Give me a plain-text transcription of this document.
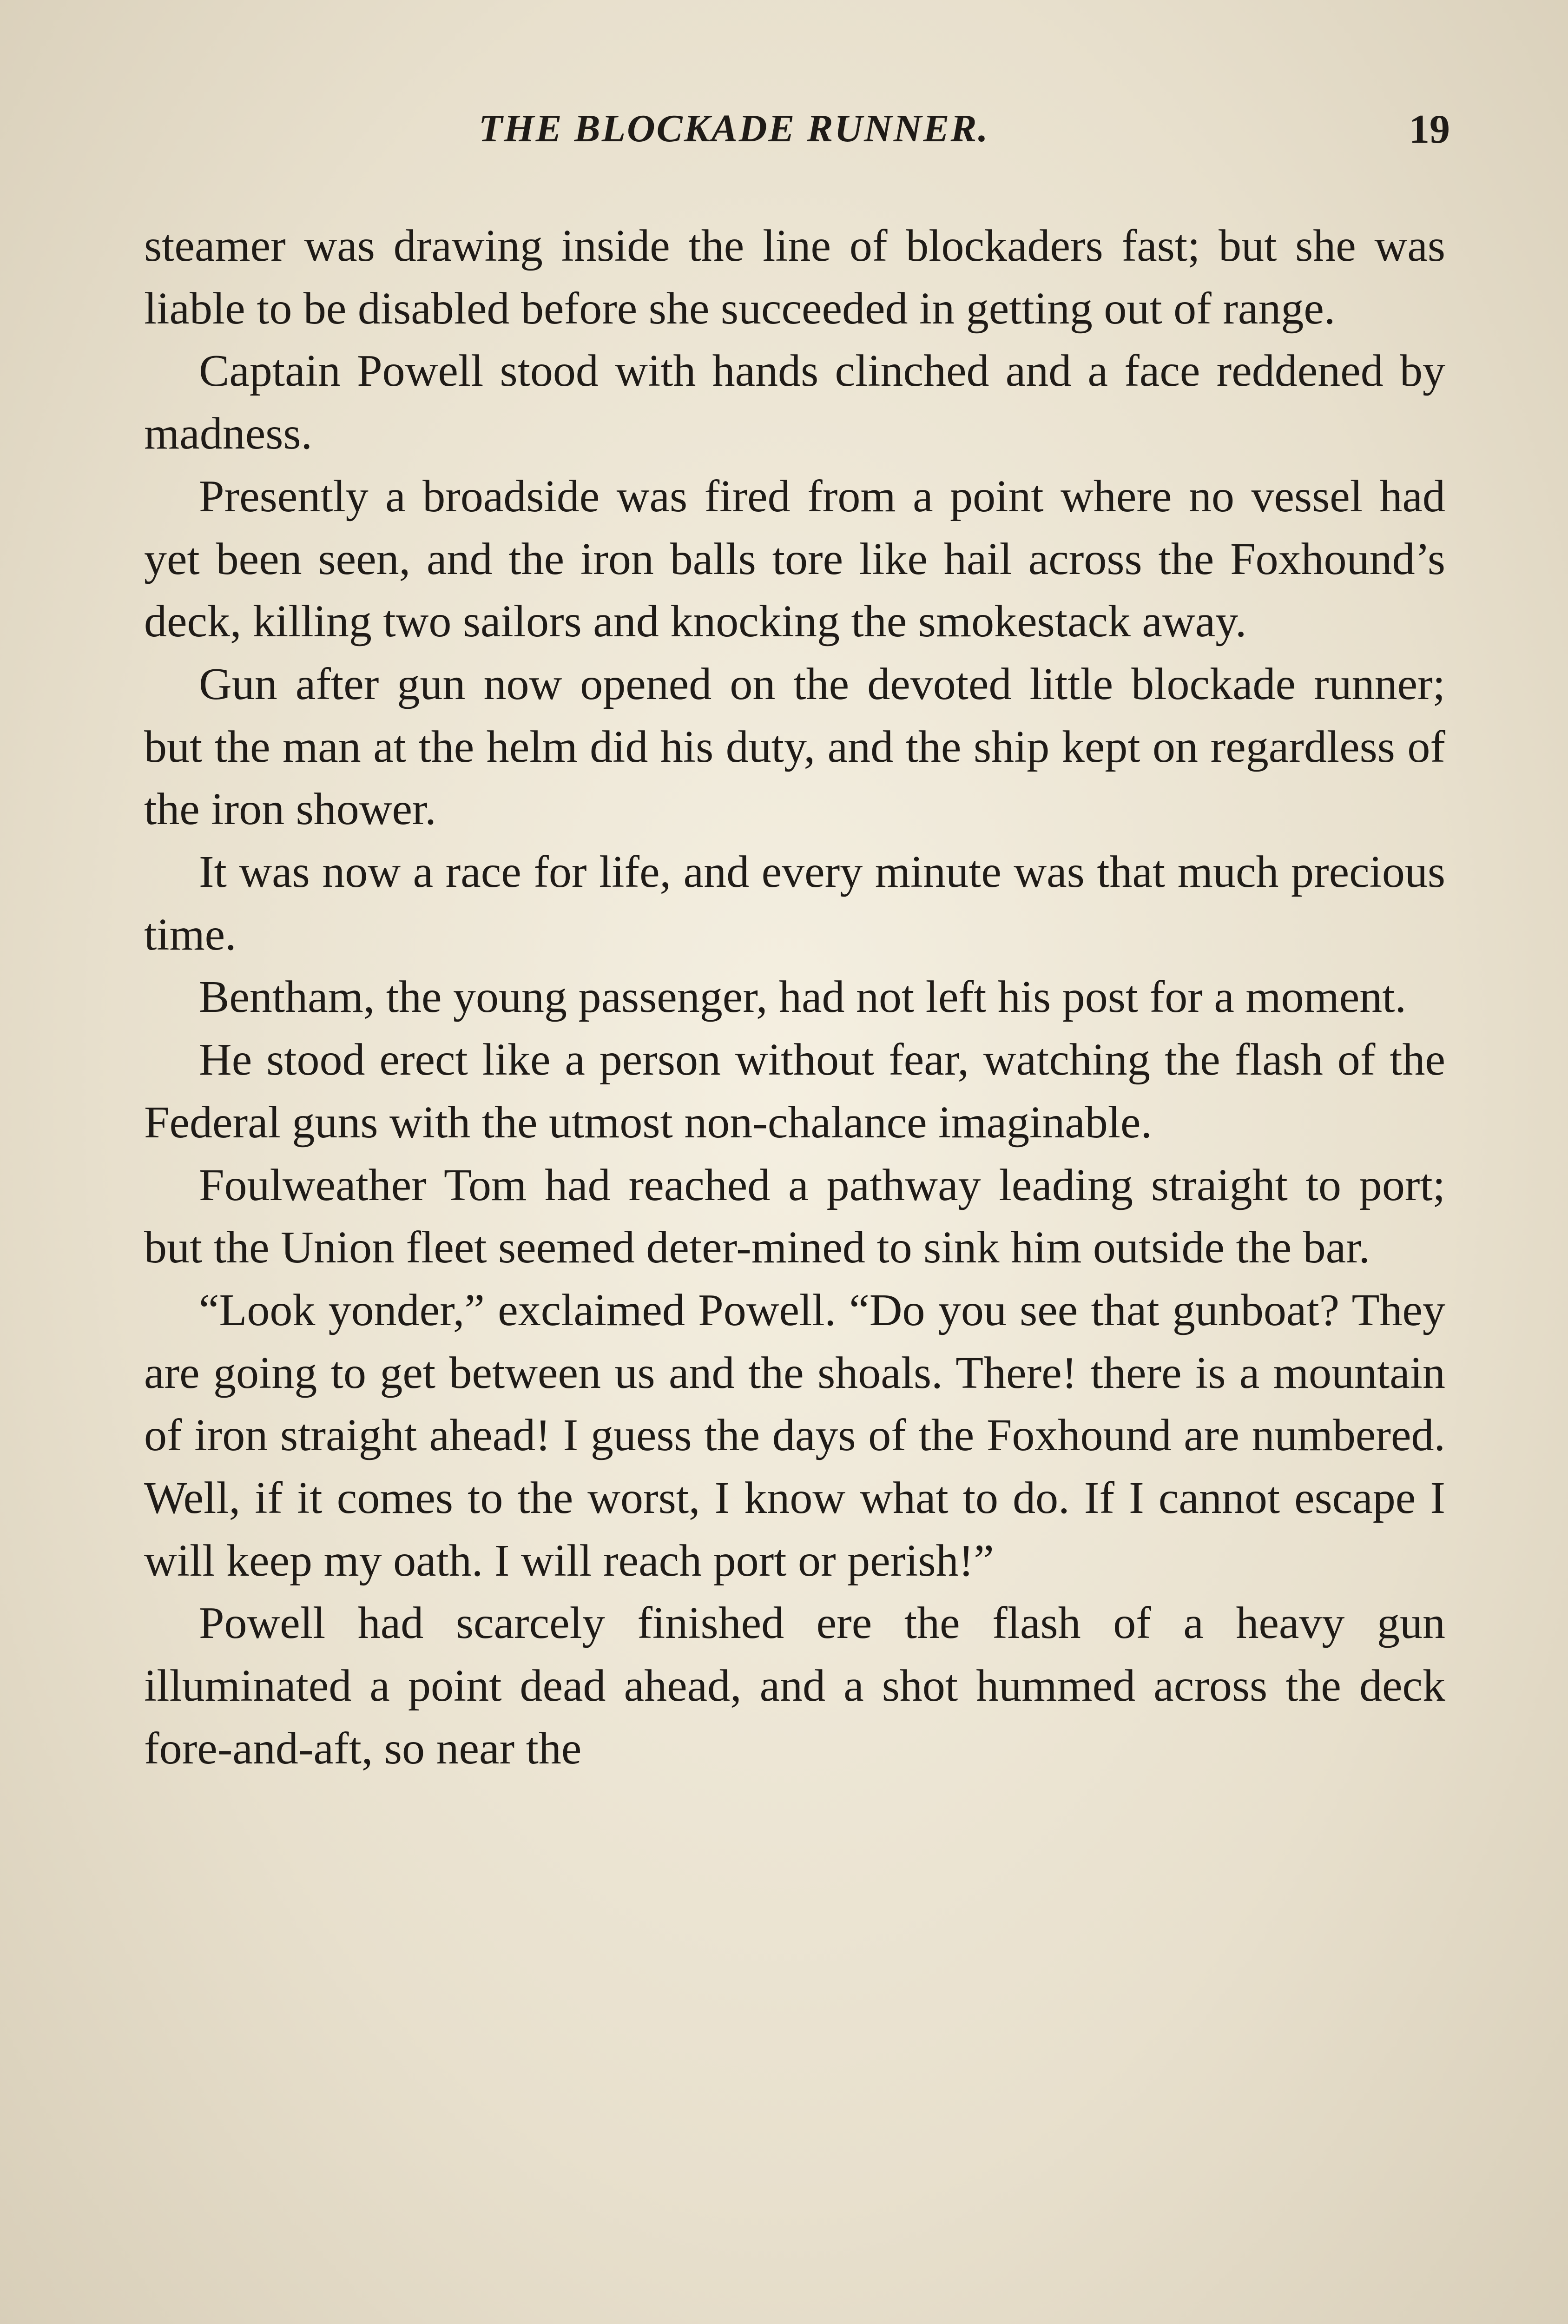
THE BLOCKADE RUNNER.	19

steamer was drawing inside the line of blockaders fast; but she was liable to be disabled before she succeeded in getting out of range.

Captain Powell stood with hands clinched and a face reddened by madness.

Presently a broadside was fired from a point where no vessel had yet been seen, and the iron balls tore like hail across the Foxhound’s deck, killing two sailors and knocking the smokestack away.

Gun after gun now opened on the devoted little blockade runner; but the man at the helm did his duty, and the ship kept on regardless of the iron shower.

It was now a race for life, and every minute was that much precious time.

Bentham, the young passenger, had not left his post for a moment.

He stood erect like a person without fear, watching the flash of the Federal guns with the utmost non-chalance imaginable.

Foulweather Tom had reached a pathway leading straight to port; but the Union fleet seemed deter-mined to sink him outside the bar.

“Look yonder,” exclaimed Powell. “Do you see that gunboat? They are going to get between us and the shoals. There! there is a mountain of iron straight ahead! I guess the days of the Foxhound are numbered. Well, if it comes to the worst, I know what to do. If I cannot escape I will keep my oath. I will reach port or perish!”

Powell had scarcely finished ere the flash of a heavy gun illuminated a point dead ahead, and a shot hummed across the deck fore-and-aft, so near the
